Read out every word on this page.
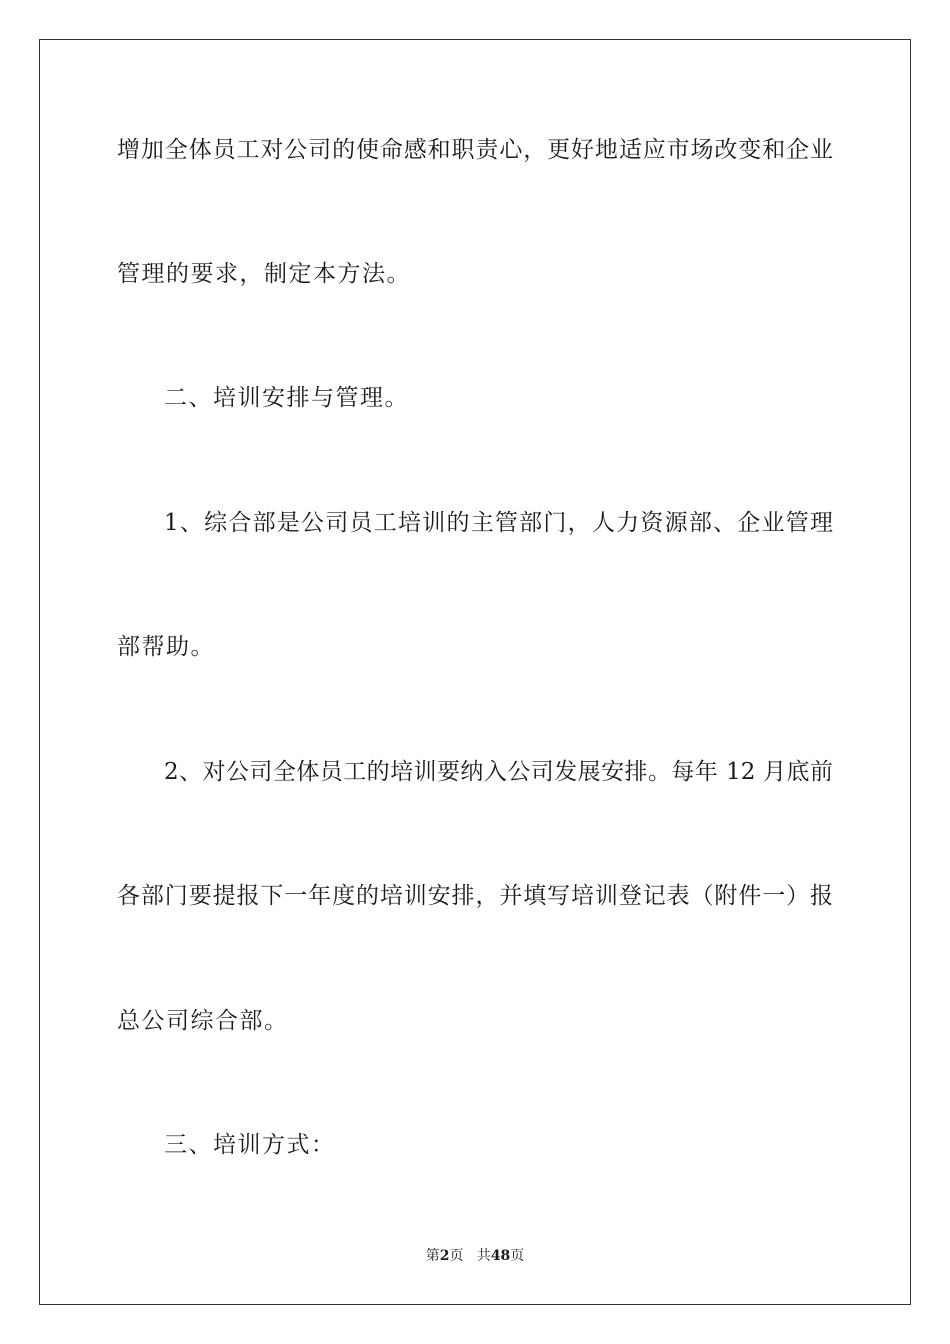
增加全体员工对公司的使命感和职责心，更好地适应市场改变和企业
管理的要求，制定本方法。
二、培训安排与管理。
1、综合部是公司员工培训的主管部门，人力资源部、企业管理
部帮助。
2、对公司全体员工的培训要纳入公司发展安排。每年 12 月底前
各部门要提报下一年度的培训安排，并填写培训登记表（附件一）报
总公司综合部。
三、培训方式：
第2页 共48页
